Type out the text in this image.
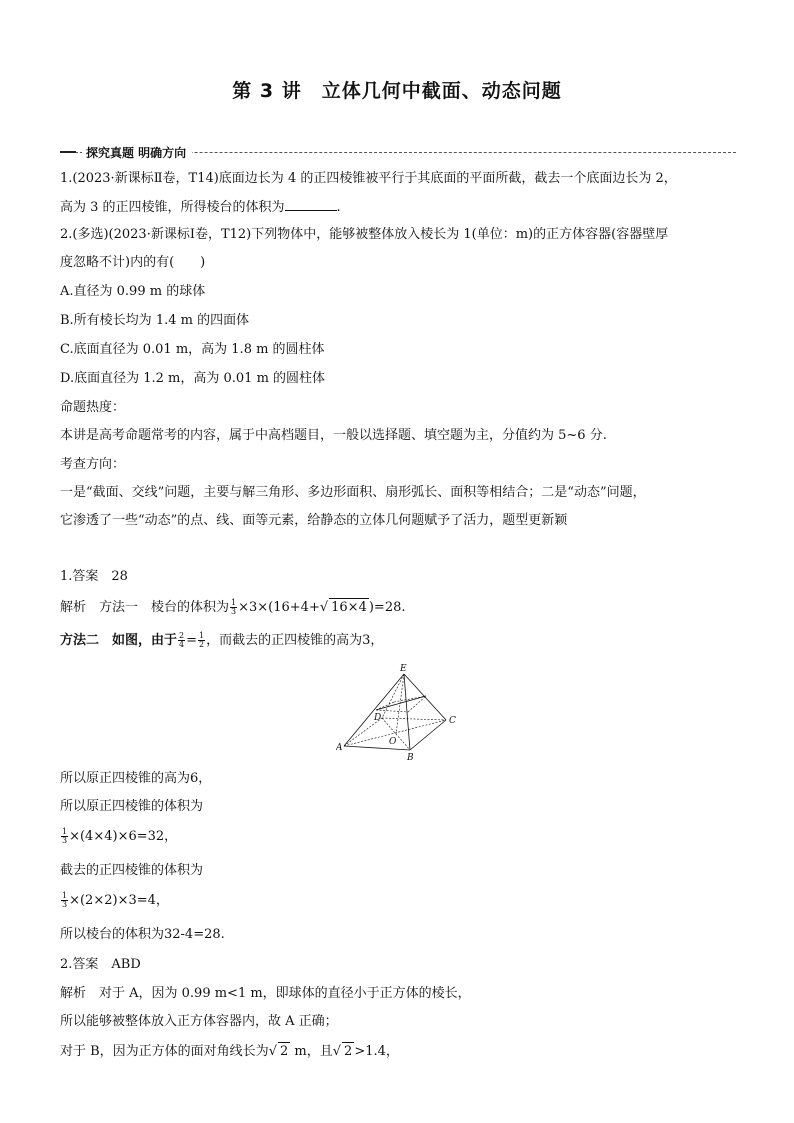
第 3 讲　立体几何中截面、动态问题
探究真题 明确方向
1.(2023·新课标Ⅱ卷，T14)底面边长为 4 的正四棱锥被平行于其底面的平面所截，截去一个底面边长为 2，
高为 3 的正四棱锥，所得棱台的体积为	.
2.(多选)(2023·新课标Ⅰ卷，T12)下列物体中，能够被整体放入棱长为 1(单位：m)的正方体容器(容器壁厚
度忽略不计)内的有(　　)
A.直径为 0.99 m 的球体
B.所有棱长均为 1.4 m 的四面体
C.底面直径为 0.01 m，高为 1.8 m 的圆柱体
D.底面直径为 1.2 m，高为 0.01 m 的圆柱体
命题热度：
本讲是高考命题常考的内容，属于中高档题目，一般以选择题、填空题为主，分值约为 5~6 分.
考查方向：
一是“截面、交线”问题，主要与解三角形、多边形面积、扇形弧长、面积等相结合；二是“动态”问题，
它渗透了一些“动态”的点、线、面等元素，给静态的立体几何题赋予了活力，题型更新颖
1.答案　28
解析　方法一　棱台的体积为 $\frac{1}{3} \times 3\times(16+4+√$ 16×4 )=28.
方法二　如图，由于 $\frac{2}{4} = \frac{1}{2}$ ，而截去的正四棱锥的高为3，
E
D	C
A
O
B
所以原正四棱锥的高为6，
所以原正四棱锥的体积为
$\frac{1}{3} \times(4\times 4)\times 6=32$，
截去的正四棱锥的体积为
$\frac{1}{3} \times(2\times 2)\times 3=4$，
所以棱台的体积为32-4=28.
2.答案　ABD
解析　对于 A，因为 0.99 m<1 m，即球体的直径小于正方体的棱长，
所以能够被整体放入正方体容器内，故 A 正确；
对于 B，因为正方体的面对角线长为√ 2 m，且√ 2 >1.4，
